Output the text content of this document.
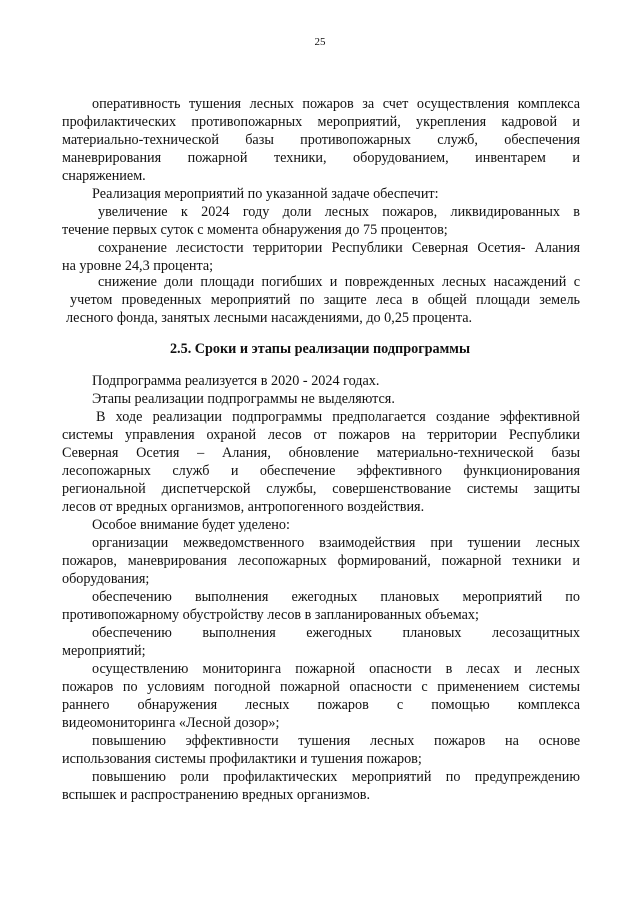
25
оперативность тушения лесных пожаров за счет осуществления комплекса
профилактических противопожарных мероприятий, укрепления кадровой и
материально-технической базы противопожарных служб, обеспечения
маневрирования пожарной техники, оборудованием, инвентарем и
снаряжением.
Реализация мероприятий по указанной задаче обеспечит:
увеличение к 2024 году доли лесных пожаров, ликвидированных в
течение первых суток с момента обнаружения до 75 процентов;
сохранение лесистости территории Республики Северная Осетия- Алания
на уровне 24,3 процента;
снижение доли площади погибших и поврежденных лесных насаждений с
учетом проведенных мероприятий по защите леса в общей площади земель
лесного фонда, занятых лесными насаждениями, до 0,25 процента.
2.5. Сроки и этапы реализации подпрограммы
Подпрограмма реализуется в 2020 - 2024 годах.
Этапы реализации подпрограммы не выделяются.
В ходе реализации подпрограммы предполагается создание эффективной
системы управления охраной лесов от пожаров на территории Республики
Северная Осетия – Алания, обновление материально-технической базы
лесопожарных служб и обеспечение эффективного функционирования
региональной диспетчерской службы, совершенствование системы защиты
лесов от вредных организмов, антропогенного воздействия.
Особое внимание будет уделено:
организации межведомственного взаимодействия при тушении лесных
пожаров, маневрирования лесопожарных формирований, пожарной техники и
оборудования;
обеспечению выполнения ежегодных плановых мероприятий по
противопожарному обустройству лесов в запланированных объемах;
обеспечению выполнения ежегодных плановых лесозащитных
мероприятий;
осуществлению мониторинга пожарной опасности в лесах и лесных
пожаров по условиям погодной пожарной опасности с применением системы
раннего обнаружения лесных пожаров с помощью комплекса
видеомониторинга «Лесной дозор»;
повышению эффективности тушения лесных пожаров на основе
использования системы профилактики и тушения пожаров;
повышению роли профилактических мероприятий по предупреждению
вспышек и распространению вредных организмов.
